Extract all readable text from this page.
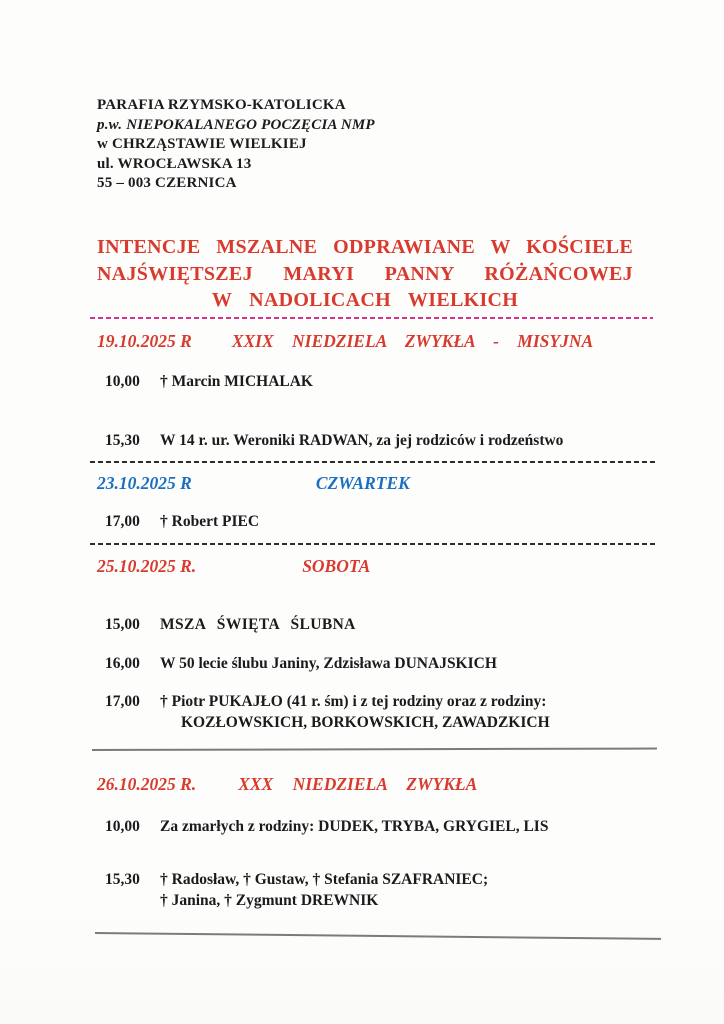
PARAFIA RZYMSKO-KATOLICKA
p.w. NIEPOKALANEGO POCZĘCIA NMP
w CHRZĄSTAWIE WIELKIEJ
ul. WROCŁAWSKA 13
55 – 003 CZERNICA
INTENCJE MSZALNE ODPRAWIANE W KOŚCIELE
NAJŚWIĘTSZEJ MARYI PANNY RÓŻAŃCOWEJ
W NADOLICACH WIELKICH
19.10.2025 R XXIX NIEDZIELA ZWYKŁA - MISYJNA
10,00	† Marcin MICHALAK
15,30	W 14 r. ur. Weroniki RADWAN, za jej rodziców i rodzeństwo
23.10.2025 R	CZWARTEK
17,00	† Robert PIEC
25.10.2025 R.	SOBOTA
15,00	MSZA ŚWIĘTA ŚLUBNA
16,00	W 50 lecie ślubu Janiny, Zdzisława DUNAJSKICH
17,00	† Piotr PUKAJŁO (41 r. śm) i z tej rodziny oraz z rodziny:
KOZŁOWSKICH, BORKOWSKICH, ZAWADZKICH
26.10.2025 R. XXX NIEDZIELA ZWYKŁA
10,00	Za zmarłych z rodziny: DUDEK, TRYBA, GRYGIEL, LIS
15,30	† Radosław, † Gustaw, † Stefania SZAFRANIEC;
† Janina, † Zygmunt DREWNIK
